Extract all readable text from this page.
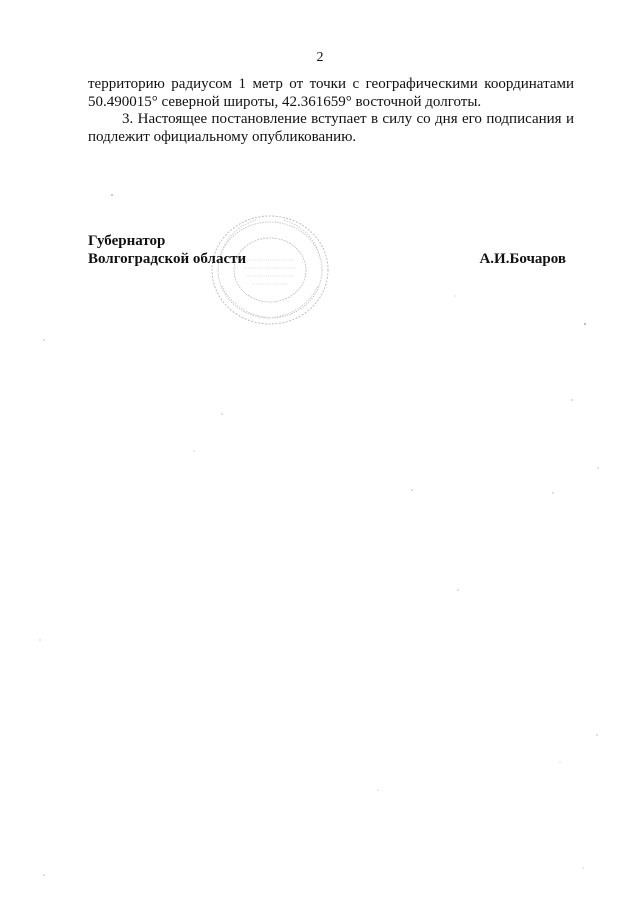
2

территорию радиусом 1 метр от точки с географическими координатами 50.490015° северной широты, 42.361659° восточной долготы.

3. Настоящее постановление вступает в силу со дня его подписания и подлежит официальному опубликованию.

Губернатор
Волгоградской области	А.И.Бочаров
